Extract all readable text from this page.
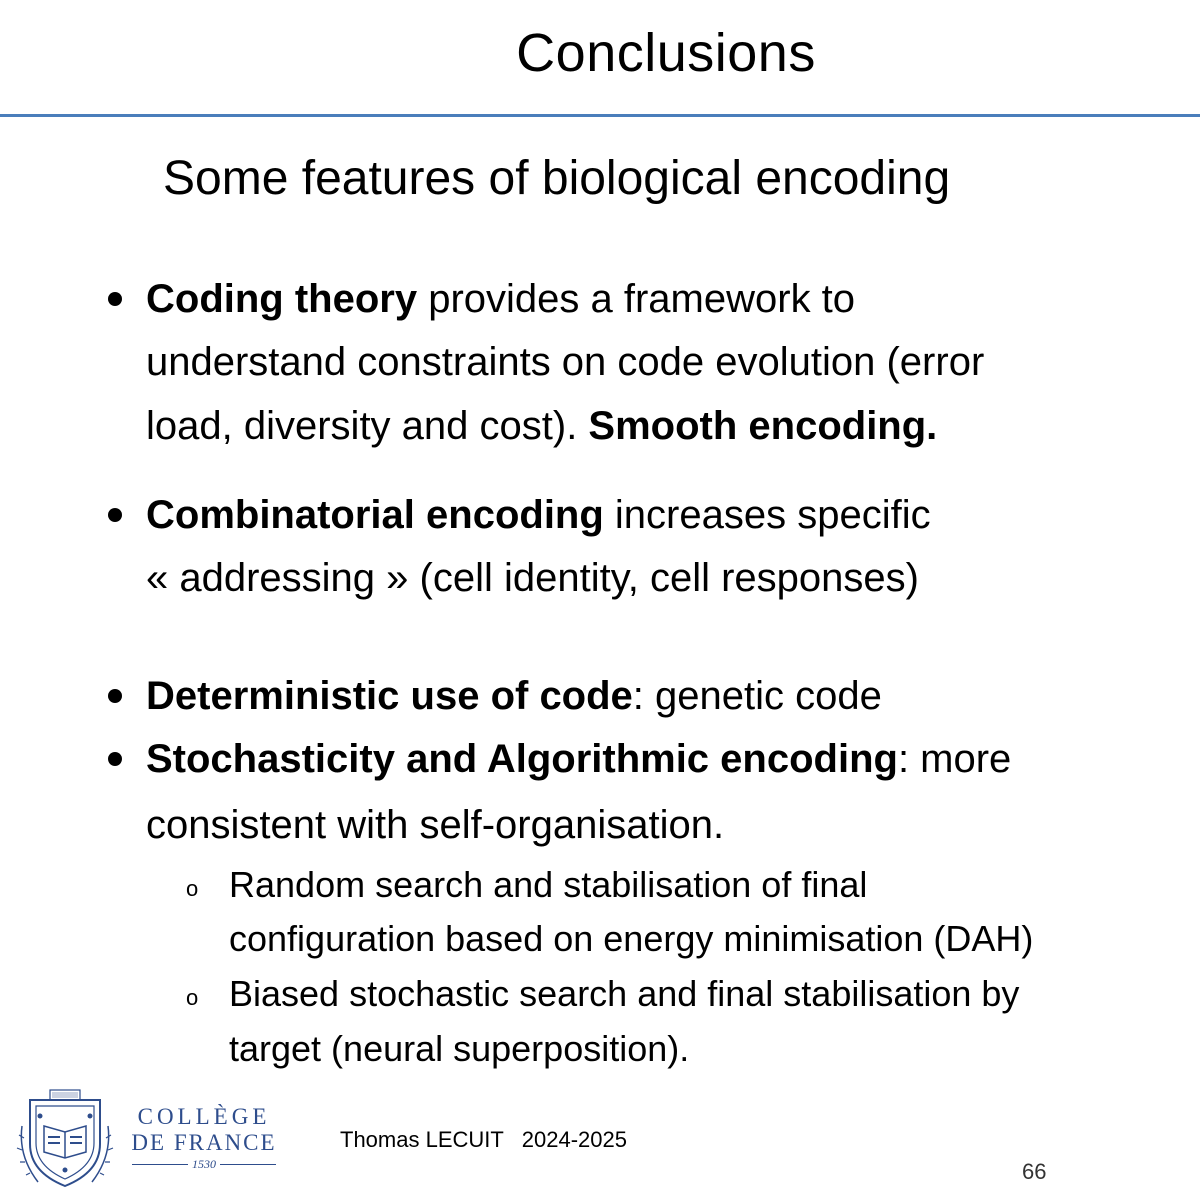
Conclusions
Some features of biological encoding
Coding theory provides a framework to
understand constraints on code evolution (error
load, diversity and cost). Smooth encoding.
Combinatorial encoding increases specific
« addressing » (cell identity, cell responses)
Deterministic use of code: genetic code
Stochasticity and Algorithmic encoding: more
consistent with self-organisation.
o Random search and stabilisation of final
configuration based on energy minimisation (DAH)
o Biased stochastic search and final stabilisation by
target (neural superposition).
COLLÈGE
DE FRANCE
1530
Thomas LECUIT   2024-2025
66
